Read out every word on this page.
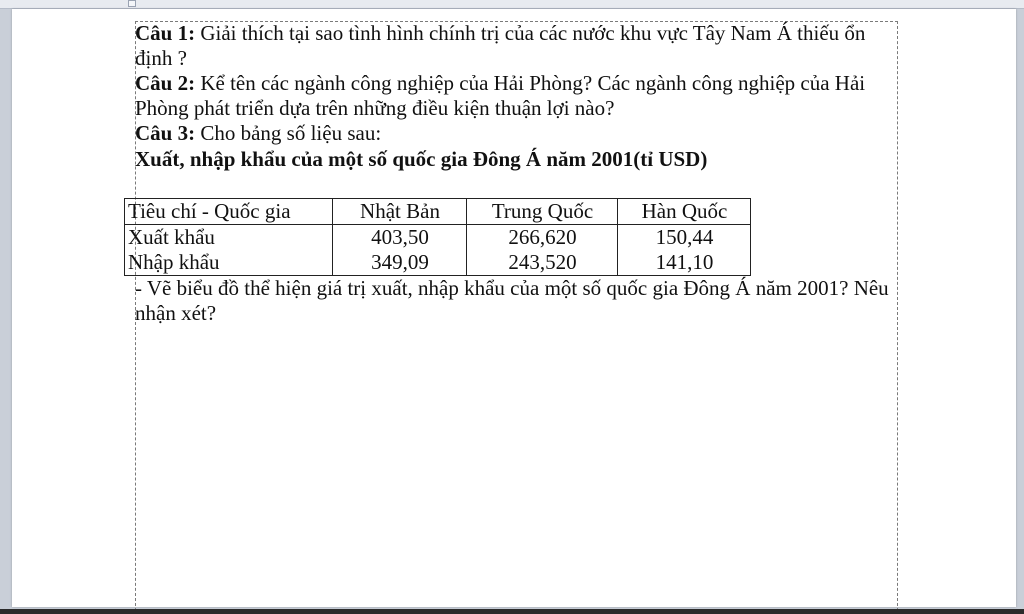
Câu 1: Giải thích tại sao tình hình chính trị của các nước khu vực Tây Nam Á thiếu ổn định ?

Câu 2: Kể tên các ngành công nghiệp của Hải Phòng? Các ngành công nghiệp của Hải Phòng phát triển dựa trên những điều kiện thuận lợi nào?

Câu 3: Cho bảng số liệu sau:

Xuất, nhập khẩu của một số quốc gia Đông Á năm 2001(tỉ USD)

Tiêu chí - Quốc gia	Nhật Bản	Trung Quốc	Hàn Quốc
Xuất khẩu	403,50	266,620	150,44
Nhập khẩu	349,09	243,520	141,10

- Vẽ biểu đồ thể hiện giá trị xuất, nhập khẩu của một số quốc gia Đông Á năm 2001? Nêu nhận xét?
